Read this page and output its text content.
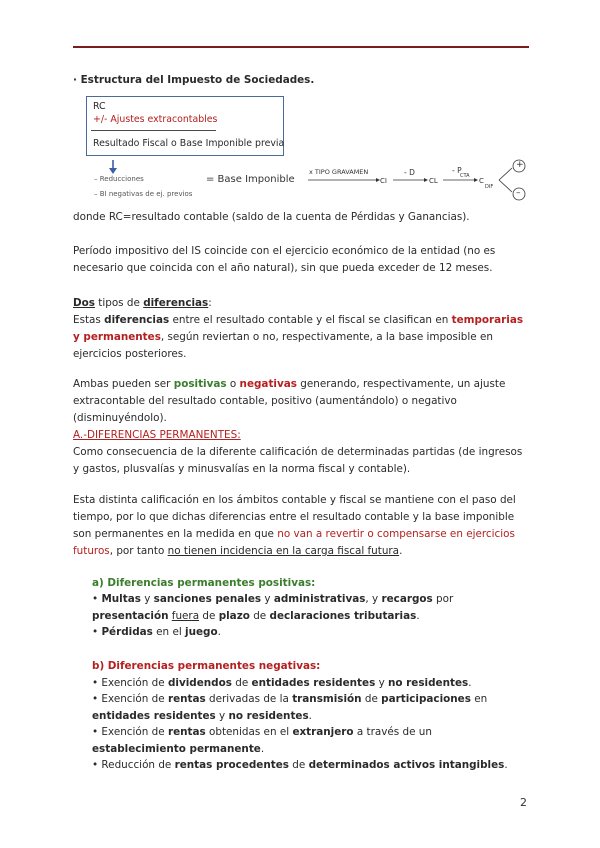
· Estructura del Impuesto de Sociedades.

RC
+/- Ajustes extracontables
Resultado Fiscal o Base Imponible previa
– Reducciones
– BI negativas de ej. previos
= Base Imponible
x TIPO GRAVAMEN
CI
- D
CL
- P
CTA
C
DIF
+
–

donde RC=resultado contable (saldo de la cuenta de Pérdidas y Ganancias).

Período impositivo del IS coincide con el ejercicio económico de la entidad (no es necesario que coincida con el año natural), sin que pueda exceder de 12 meses.

Dos tipos de diferencias:

Estas diferencias entre el resultado contable y el fiscal se clasifican en temporarias y permanentes, según reviertan o no, respectivamente, a la base imposible en ejercicios posteriores.

Ambas pueden ser positivas o negativas generando, respectivamente, un ajuste extracontable del resultado contable, positivo (aumentándolo) o negativo (disminuyéndolo).

A.-DIFERENCIAS PERMANENTES:

Como consecuencia de la diferente calificación de determinadas partidas (de ingresos y gastos, plusvalías y minusvalías en la norma fiscal y contable).

Esta distinta calificación en los ámbitos contable y fiscal se mantiene con el paso del tiempo, por lo que dichas diferencias entre el resultado contable y la base imponible son permanentes en la medida en que no van a revertir o compensarse en ejercicios futuros, por tanto no tienen incidencia en la carga fiscal futura.

a) Diferencias permanentes positivas:

• Multas y sanciones penales y administrativas, y recargos por presentación fuera de plazo de declaraciones tributarias.

• Pérdidas en el juego.

b) Diferencias permanentes negativas:

• Exención de dividendos de entidades residentes y no residentes.

• Exención de rentas derivadas de la transmisión de participaciones en entidades residentes y no residentes.

• Exención de rentas obtenidas en el extranjero a través de un establecimiento permanente.

• Reducción de rentas procedentes de determinados activos intangibles.

2
